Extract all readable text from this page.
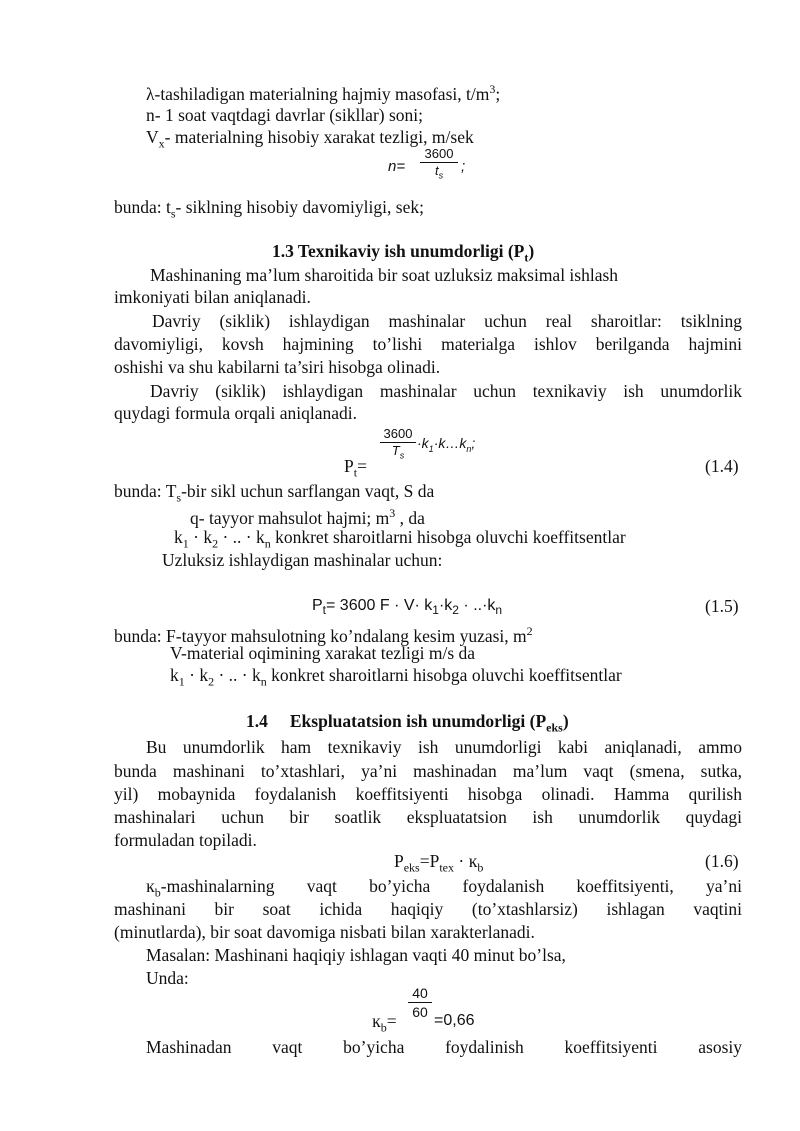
λ-tashiladigan materialning hajmiy masofasi, $t/m^3$;
n- 1 soat vaqtdagi davrlar (sikllar) soni;
$V_x-$ materialning hisobiy xarakat tezligi, m/sek
n=
3600
$t_s$
;
bunda: $t_s-$ siklning hisobiy davomiyligi, sek;
1.3 Texnikaviy ish unumdorligi $(P_t)$
Mashinaning ma’lum sharoitida bir soat uzluksiz maksimal ishlash
imkoniyati bilan aniqlanadi.
Davriy (siklik) ishlaydigan mashinalar uchun real sharoitlar: tsiklning
davomiyligi, kovsh hajmining to’lishi materialga ishlov berilganda hajmini
oshishi va shu kabilarni ta’siri hisobga olinadi.
Davriy (siklik) ishlaydigan mashinalar uchun texnikaviy ish unumdorlik
quydagi formula orqali aniqlanadi.
3600
$T_s$
$\cdot k_1\cdot k\dots k_n$;
$P_t=$	(1.4)
bunda: $T_s$-bir sikl uchun sarflangan vaqt, S da
q- tayyor mahsulot hajmi; $m^3$ , da
$k_1 \cdot k_2$ · .. · $k_n$ konkret sharoitlarni hisobga oluvchi koeffitsentlar
Uzluksiz ishlaydigan mashinalar uchun:
$P_t= 3600$ $F \cdot V\cdot k_1\cdot k_2 \cdot ..\cdot k_n$	(1.5)
bunda: F-tayyor mahsulotning ko’ndalang kesim yuzasi, $m^2$
V-material oqimining xarakat tezligi m/s da
$k_1 \cdot k_2$ · .. · $k_n$ konkret sharoitlarni hisobga oluvchi koeffitsentlar
1.4 Ekspluatatsion ish unumdorligi $(P_{eks})$
Bu unumdorlik ham texnikaviy ish unumdorligi kabi aniqlanadi, ammo
bunda mashinani to’xtashlari, ya’ni mashinadan ma’lum vaqt (smena, sutka,
yil) mobaynida foydalanish koeffitsiyenti hisobga olinadi. Hamma qurilish
mashinalari uchun bir soatlik ekspluatatsion ish unumdorlik quydagi
formuladan topiladi.
$P_{eks}=P_{tex}$ · $ĸ_b$	(1.6)
$ĸ_b$-mashinalarning vaqt bo’yicha foydalanish koeffitsiyenti, ya’ni
mashinani bir soat ichida haqiqiy (to’xtashlarsiz) ishlagan vaqtini
(minutlarda), bir soat davomiga nisbati bilan xarakterlanadi.
Masalan: Mashinani haqiqiy ishlagan vaqti 40 minut bo’lsa,
Unda:
40
60
$ĸ_b= =0,66$
Mashinadan vaqt bo’yicha foydalinish koeffitsiyenti asosiy
